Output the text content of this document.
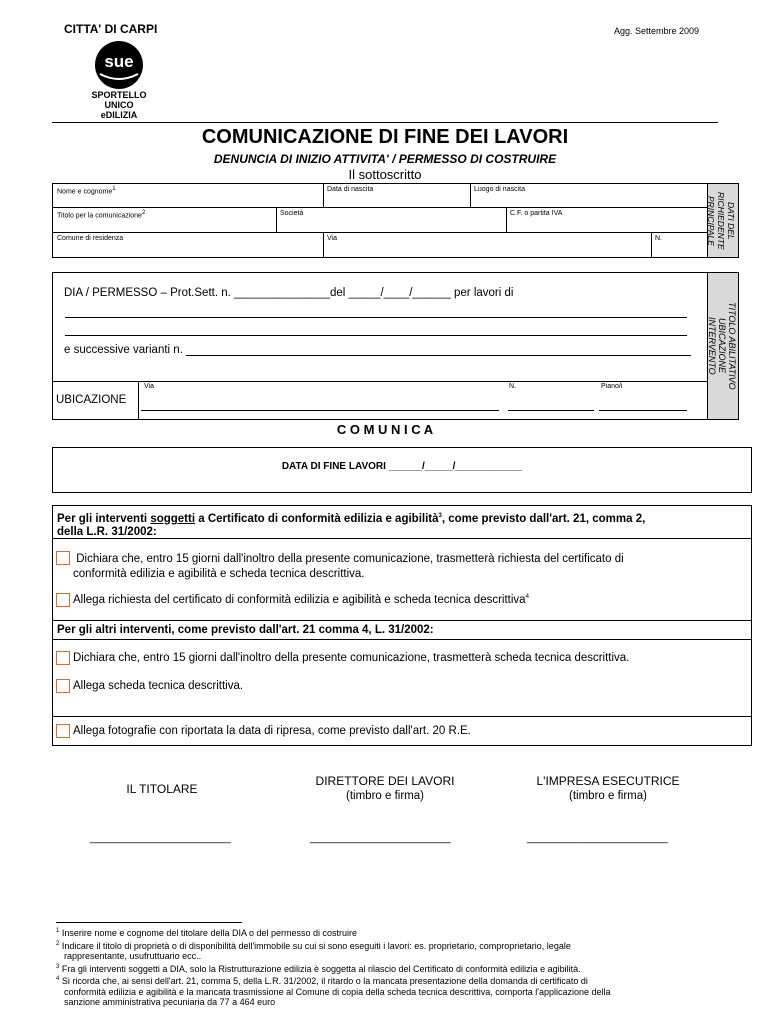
CITTA' DI CARPI	Agg. Settembre 2009
sue
SPORTELLO
UNICO
eDILIZIA
COMUNICAZIONE DI FINE DEI LAVORI
DENUNCIA DI INIZIO ATTIVITA' / PERMESSO DI COSTRUIRE
Il sottoscritto
DATI DEL
RICHIEDENTE
PRINCIPALE
Nome e cognome$^1$	Data di nascita	Luogo di nascita
Titolo per la comunicazione$^2$	Società	C.F. o partita IVA
Comune di residenza	Via	N.
TITOLO ABILITATIVO
UBICAZIONE
INTERVENTO
DIA / PERMESSO – Prot.Sett. n. _______________del _____/____/______ per lavori di
e successive varianti n.
UBICAZIONE
Via	N.	Piano/i
C O M U N I C A
DATA DI FINE LAVORI ______/_____/____________
Per gli interventi soggetti a Certificato di conformità edilizia e agibilità$^3$, come previsto dall'art. 21, comma 2,
della L.R. 31/2002:
Dichiara che, entro 15 giorni dall'inoltro della presente comunicazione, trasmetterà richiesta del certificato di
conformità edilizia e agibilità e scheda tecnica descrittiva.
Allega richiesta del certificato di conformità edilizia e agibilità e scheda tecnica descrittiva$^4$
Per gli altri interventi, come previsto dall'art. 21 comma 4, L. 31/2002:
Dichiara che, entro 15 giorni dall'inoltro della presente comunicazione, trasmetterà scheda tecnica descrittiva.
Allega scheda tecnica descrittiva.
Allega fotografie con riportata la data di ripresa, come previsto dall'art. 20 R.E.
IL TITOLARE
DIRETTORE DEI LAVORI
(timbro e firma)
L'IMPRESA ESECUTRICE
(timbro e firma)
_______________________	_______________________	_______________________
$^1$ Inserire nome e cognome del titolare della DIA o del permesso di costruire
$^2$ Indicare il titolo di proprietà o di disponibilità dell'immobile su cui si sono eseguiti i lavori: es. proprietario, comproprietario, legale
rappresentante, usufruttuario ecc..
$^3$ Fra gli interventi soggetti a DIA, solo la Ristrutturazione edilizia è soggetta al rilascio del Certificato di conformità edilizia e agibilità.
$^4$ Si ricorda che, ai sensi dell'art. 21, comma 5, della L.R. 31/2002, il ritardo o la mancata presentazione della domanda di certificato di
conformità edilizia e agibilità e la mancata trasmissione al Comune di copia della scheda tecnica descrittiva, comporta l'applicazione della
sanzione amministrativa pecuniaria da 77 a 464 euro
